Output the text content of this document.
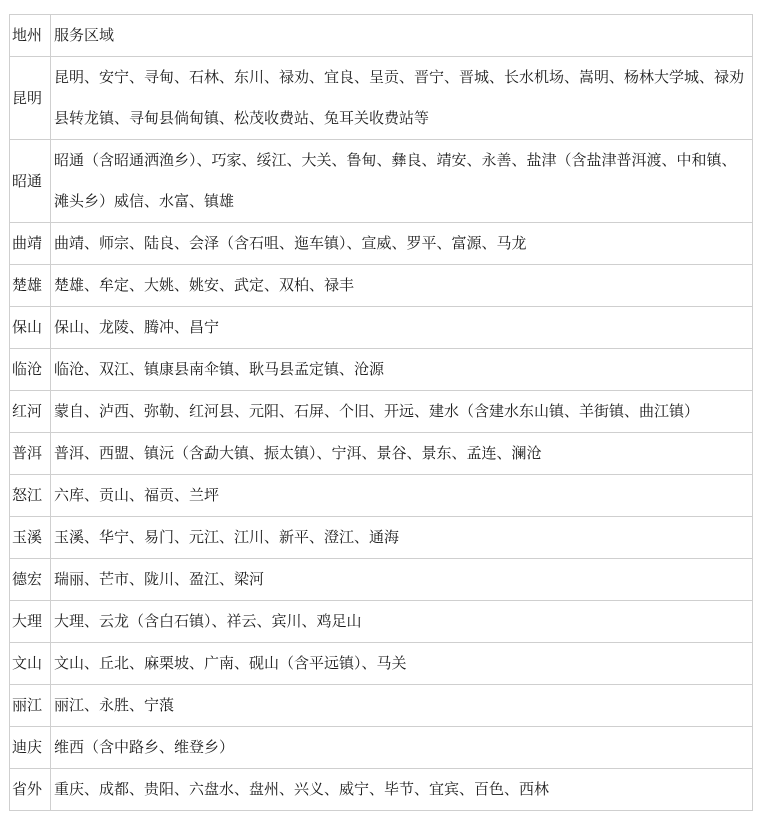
地州	服务区域
昆明	昆明、安宁、寻甸、石林、东川、禄劝、宜良、呈贡、晋宁、晋城、长水机场、嵩明、杨林大学城、禄劝县转龙镇、寻甸县倘甸镇、松茂收费站、兔耳关收费站等
昭通	昭通（含昭通洒渔乡）、巧家、绥江、大关、鲁甸、彝良、靖安、永善、盐津（含盐津普洱渡、中和镇、滩头乡）威信、水富、镇雄
曲靖	曲靖、师宗、陆良、会泽（含石咀、迤车镇）、宣威、罗平、富源、马龙
楚雄	楚雄、牟定、大姚、姚安、武定、双柏、禄丰
保山	保山、龙陵、腾冲、昌宁
临沧	临沧、双江、镇康县南伞镇、耿马县孟定镇、沧源
红河	蒙自、泸西、弥勒、红河县、元阳、石屏、个旧、开远、建水（含建水东山镇、羊街镇、曲江镇）
普洱	普洱、西盟、镇沅（含勐大镇、振太镇）、宁洱、景谷、景东、孟连、澜沧
怒江	六库、贡山、福贡、兰坪
玉溪	玉溪、华宁、易门、元江、江川、新平、澄江、通海
德宏	瑞丽、芒市、陇川、盈江、梁河
大理	大理、云龙（含白石镇）、祥云、宾川、鸡足山
文山	文山、丘北、麻栗坡、广南、砚山（含平远镇）、马关
丽江	丽江、永胜、宁蒗
迪庆	维西（含中路乡、维登乡）
省外	重庆、成都、贵阳、六盘水、盘州、兴义、威宁、毕节、宜宾、百色、西林
